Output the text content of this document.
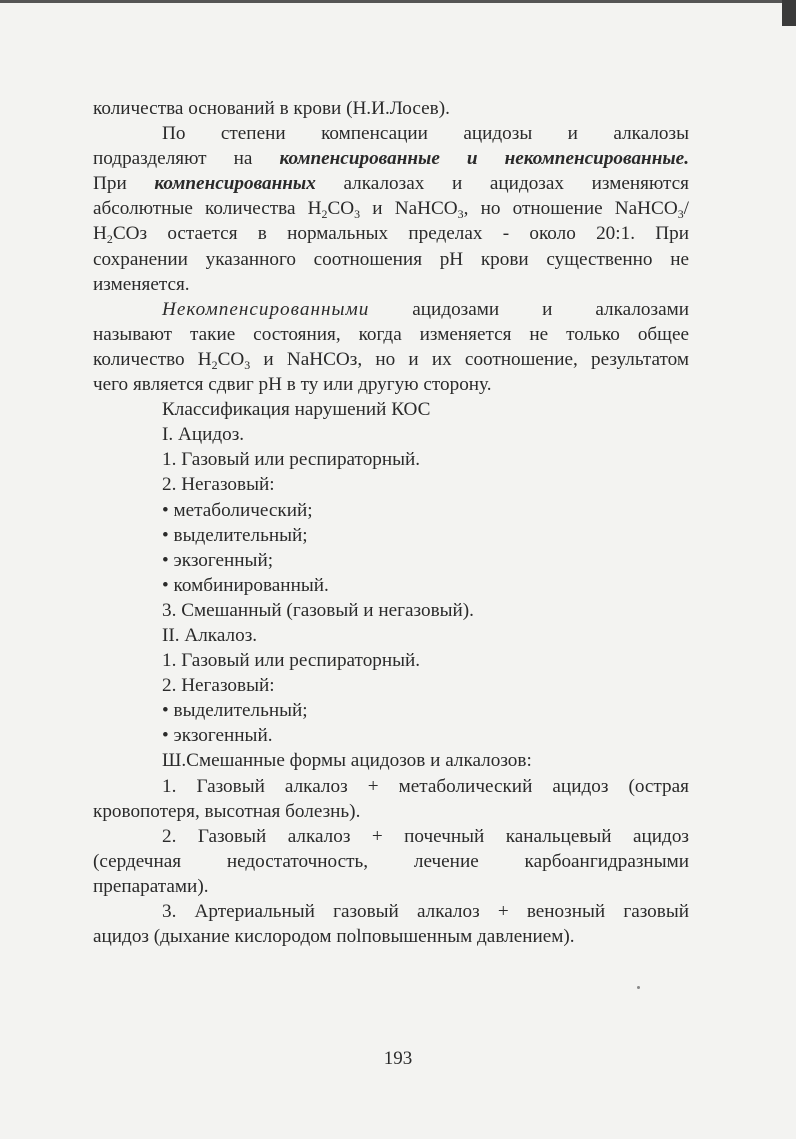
количества оснований в крови (Н.И.Лосев).
По степени компенсации ацидозы и алкалозы
подразделяют на компенсированные и некомпенсированные.
При компенсированных алкалозах и ацидозах изменяются
абсолютные количества $H_2CO_3$ и NaHCO$_3$, но отношение NaHCO$_3$/
$H_2COз$ остается в нормальных пределах - около 20:1. При
сохранении указанного соотношения pH крови существенно не
изменяется.
Некомпенсированными ацидозами и алкалозами
называют такие состояния, когда изменяется не только общее
количество $H_2CO_3$ и NaHCOз, но и их соотношение, результатом
чего является сдвиг pH в ту или другую сторону.
Классификация нарушений КОС
I. Ацидоз.
1. Газовый или респираторный.
2. Негазовый:
• метаболический;
• выделительный;
• экзогенный;
• комбинированный.
3. Смешанный (газовый и негазовый).
II. Алкалоз.
1. Газовый или респираторный.
2. Негазовый:
• выделительный;
• экзогенный.
Ш.Смешанные формы ацидозов и алкалозов:
1. Газовый алкалоз + метаболический ацидоз (острая
кровопотеря, высотная болезнь).
2. Газовый алкалоз + почечный канальцевый ацидоз
(сердечная недостаточность, лечение карбоангидразными
препаратами).
3. Артериальный газовый алкалоз + венозный газовый
ацидоз (дыхание кислородом поlповышенным давлением).
193
